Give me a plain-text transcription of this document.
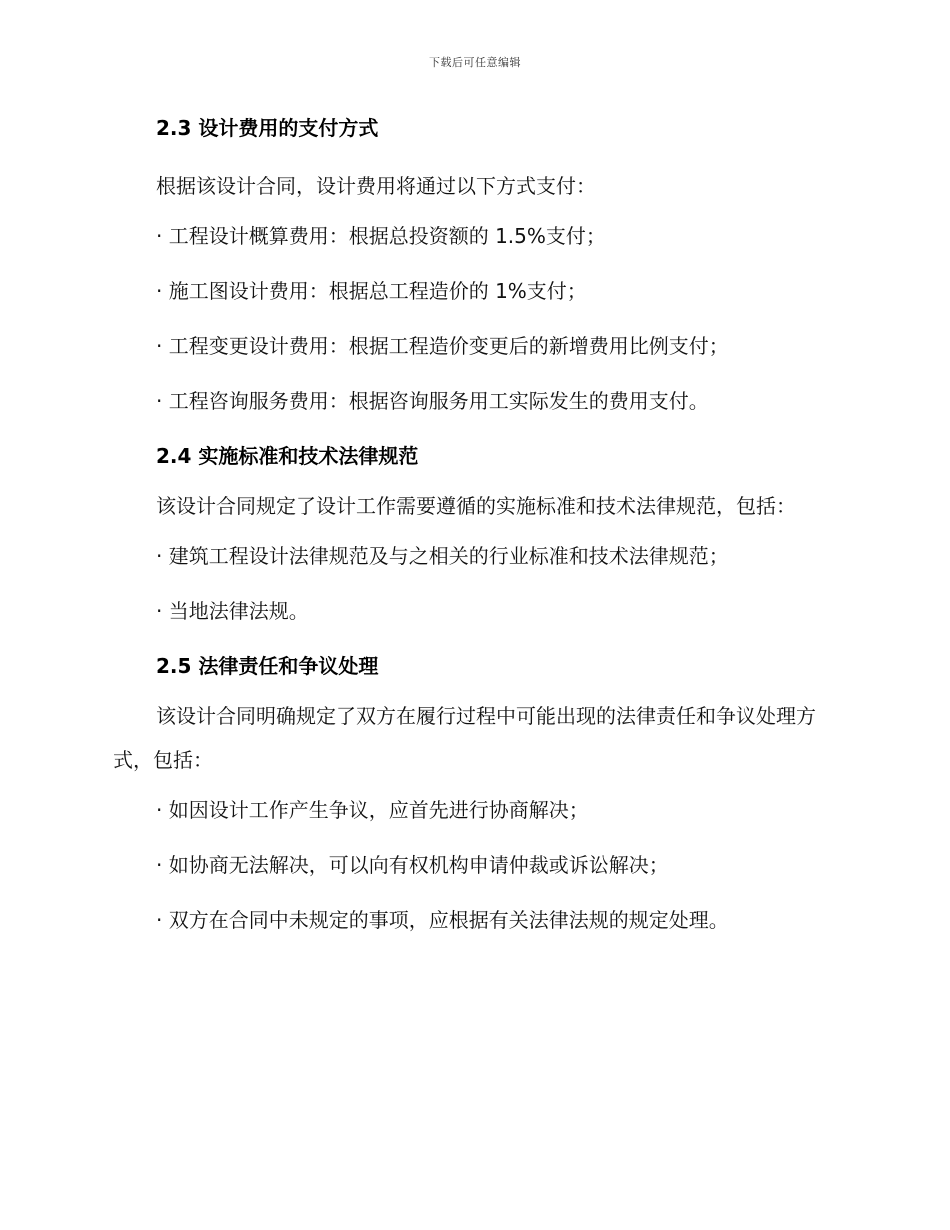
下载后可任意编辑
2.3 设计费用的支付方式

根据该设计合同，设计费用将通过以下方式支付：

· 工程设计概算费用：根据总投资额的 1.5%支付；

· 施工图设计费用：根据总工程造价的 1%支付；

· 工程变更设计费用：根据工程造价变更后的新增费用比例支付；

· 工程咨询服务费用：根据咨询服务用工实际发生的费用支付。

2.4 实施标准和技术法律规范

该设计合同规定了设计工作需要遵循的实施标准和技术法律规范，包括：

· 建筑工程设计法律规范及与之相关的行业标准和技术法律规范；

· 当地法律法规。

2.5 法律责任和争议处理

该设计合同明确规定了双方在履行过程中可能出现的法律责任和争议处理方式，包括：

· 如因设计工作产生争议，应首先进行协商解决；

· 如协商无法解决，可以向有权机构申请仲裁或诉讼解决；

· 双方在合同中未规定的事项，应根据有关法律法规的规定处理。
